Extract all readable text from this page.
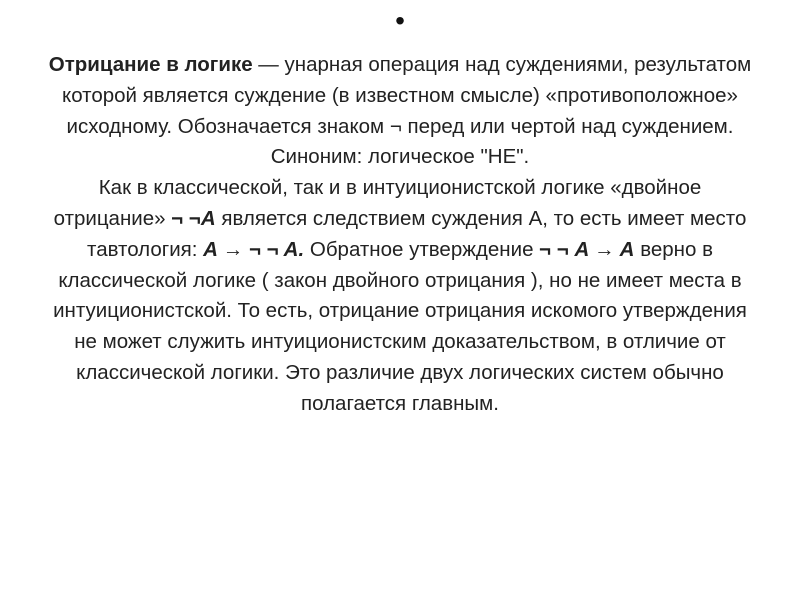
•

Отрицание в логике — унарная операция над суждениями, результатом которой является суждение (в известном смысле) «противоположное» исходному. Обозначается знаком ¬ перед или чертой над суждением. Синоним: логическое "НЕ".

Как в классической, так и в интуиционистской логике «двойное отрицание» ¬ ¬A является следствием суждения A, то есть имеет место тавтология: A → ¬ ¬ A. Обратное утверждение ¬ ¬ A → A верно в классической логике ( закон двойного отрицания ), но не имеет места в интуиционистской. То есть, отрицание отрицания искомого утверждения не может служить интуиционистским доказательством, в отличие от классической логики. Это различие двух логических систем обычно полагается главным.
